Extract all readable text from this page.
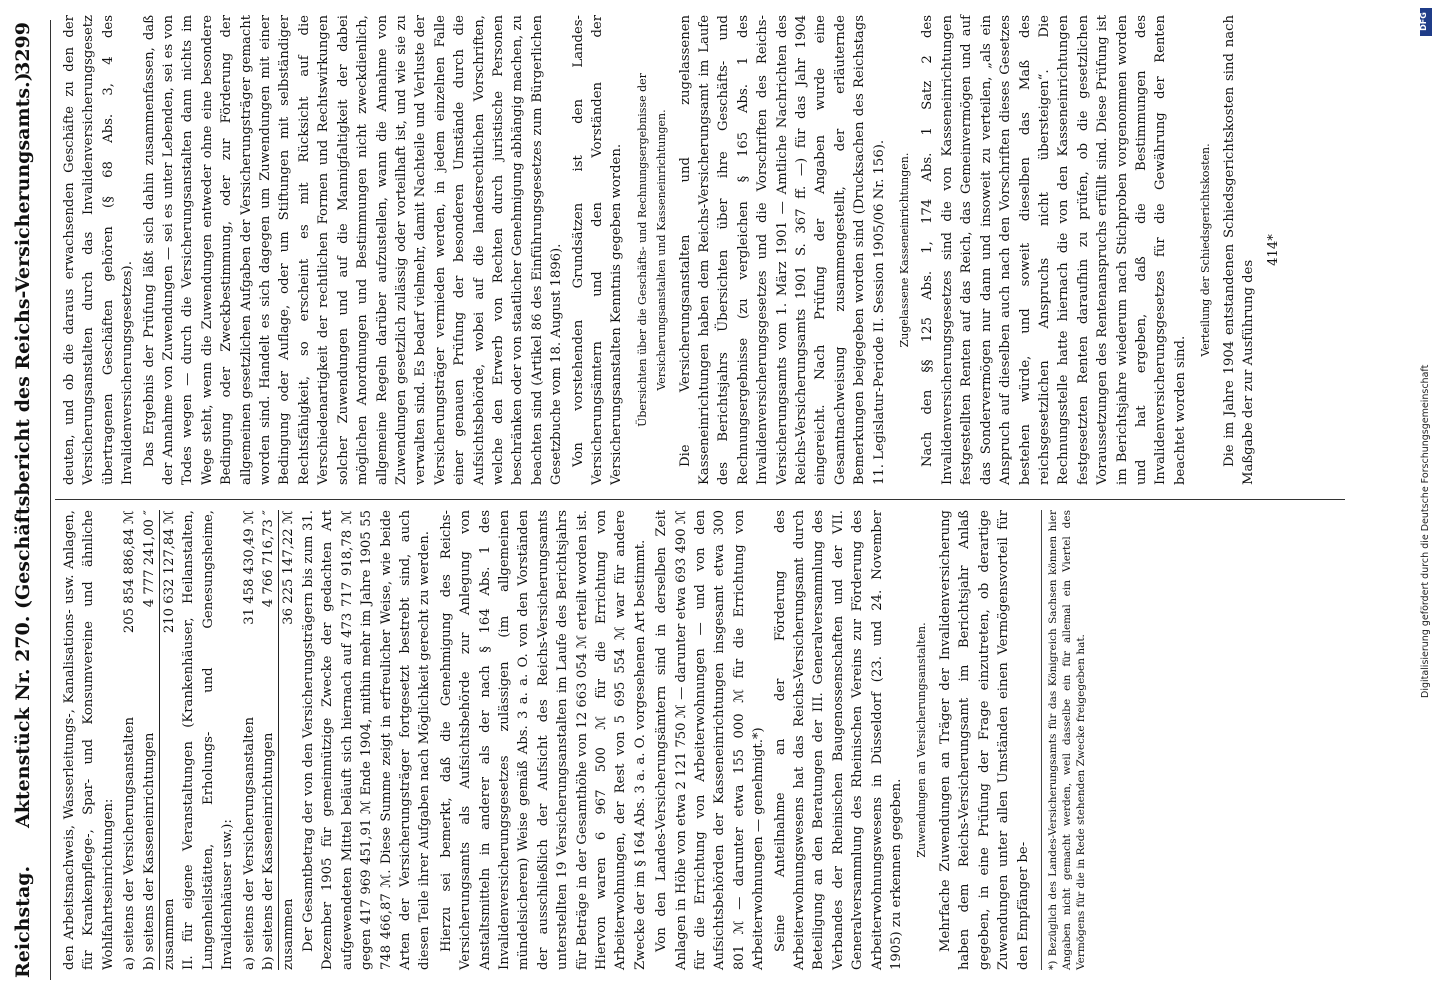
Reichstag.
Aktenstück Nr. 270. (Geschäftsbericht des Reichs-Versicherungsamts.)
3299

den Arbeitsnachweis, Wasserleitungs-, Kanalisations- usw. Anlagen, für Krankenpflege-, Spar- und Konsumvereine und ähnliche Wohlfahrtseinrichtungen: a) seitens der Versicherungsanstalten
205 854 886,84 ℳ
b) seitens der Kasseneinrichtungen
4 777 241,00 ″
zusammen
210 632 127,84 ℳ II. für eigene Veranstaltungen (Krankenhäuser, Heilanstalten, Lungenheilstätten, Erholungs- und Genesungsheime, Invalidenhäuser usw.): a) seitens der Versicherungsanstalten
31 458 430,49 ℳ
b) seitens der Kasseneinrichtungen
4 766 716,73 ″
zusammen
36 225 147,22 ℳ Der Gesamtbetrag der von den Versicherungsträgern bis zum 31. Dezember 1905 für gemeinnützige Zwecke der gedachten Art aufgewendeten Mittel beläuft sich hiernach auf 473 717 918,78 ℳ gegen 417 969 451,91 ℳ Ende 1904, mithin mehr im Jahre 1905 55 748 466,87 ℳ. Diese Summe zeigt in erfreulicher Weise, wie beide Arten der Versicherungsträger fortgesetzt bestrebt sind, auch diesen Teile ihrer Aufgaben nach Möglichkeit gerecht zu werden. Hierzu sei bemerkt, daß die Genehmigung des Reichs-Versicherungsamts als Aufsichtsbehörde zur Anlegung von Anstaltsmitteln in anderer als der nach § 164 Abs. 1 des Invalidenversicherungsgesetzes zulässigen (im allgemeinen mündelsicheren) Weise gemäß Abs. 3 a. a. O. von den Vorständen der ausschließlich der Aufsicht des Reichs-Versicherungsamts unterstellten 19 Versicherungsanstalten im Laufe des Berichtsjahrs für Beträge in der Gesamthöhe von 12 663 054 ℳ erteilt worden ist. Hiervon waren 6 967 500 ℳ für die Errichtung von Arbeiterwohnungen, der Rest von 5 695 554 ℳ war für andere Zwecke der im § 164 Abs. 3 a. a. O. vorgesehenen Art bestimmt. Von den Landes-Versicherungsämtern sind in derselben Zeit Anlagen in Höhe von etwa 2 121 750 ℳ — darunter etwa 693 490 ℳ für die Errichtung von Arbeiterwohnungen — und von den Aufsichtsbehörden der Kasseneinrichtungen insgesamt etwa 300 801 ℳ — darunter etwa 155 000 ℳ für die Errichtung von Arbeiterwohnungen — genehmigt.*) Seine Anteilnahme an der Förderung des Arbeiterwohnungswesens hat das Reichs-Versicherungsamt durch Beteiligung an den Beratungen der III. Generalversammlung des Verbandes der Rheinischen Baugenossenschaften und der VII. Generalversammlung des Rheinischen Vereins zur Förderung des Arbeiterwohnungswesens in Düsseldorf (23. und 24. November 1905) zu erkennen gegeben.

Zuwendungen an Versicherungsanstalten. Mehrfache Zuwendungen an Träger der Invalidenversicherung haben dem Reichs-Versicherungsamt im Berichtsjahr Anlaß gegeben, in eine Prüfung der Frage einzutreten, ob derartige Zuwendungen unter allen Umständen einen Vermögensvorteil für den Empfänger be-	*) Bezüglich des Landes-Versicherungsamts für das Königreich Sachsen können hier Angaben nicht gemacht werden, weil dasselbe ein für allemal ein Viertel des Vermögens für die in Rede stehenden Zwecke freigegeben hat.

deuten, und ob die daraus erwachsenden Geschäfte zu den der Versicherungsanstalten durch das Invalidenversicherungsgesetz übertragenen Geschäften gehören (§ 68 Abs. 3, 4 des Invalidenversicherungsgesetzes). Das Ergebnis der Prüfung läßt sich dahin zusammenfassen, daß der Annahme von Zuwendungen — sei es unter Lebenden, sei es von Todes wegen — durch die Versicherungsanstalten dann nichts im Wege steht, wenn die Zuwendungen entweder ohne eine besondere Bedingung oder Zweckbestimmung, oder zur Förderung der allgemeinen gesetzlichen Aufgaben der Versicherungsträger gemacht worden sind. Handelt es sich dagegen um Zuwendungen mit einer Bedingung oder Auflage, oder um Stiftungen mit selbständiger Rechtsfähigkeit, so erscheint es mit Rücksicht auf die Verschiedenartigkeit der rechtlichen Formen und Rechtswirkungen solcher Zuwendungen und auf die Mannigfaltigkeit der dabei möglichen Anordnungen und Bestimmungen nicht zweckdienlich, allgemeine Regeln darüber aufzustellen, wann die Annahme von Zuwendungen gesetzlich zulässig oder vorteilhaft ist, und wie sie zu verwalten sind. Es bedarf vielmehr, damit Nachteile und Verluste der Versicherungsträger vermieden werden, in jedem einzelnen Falle einer genauen Prüfung der besonderen Umstände durch die Aufsichtsbehörde, wobei auf die landesrechtlichen Vorschriften, welche den Erwerb von Rechten durch juristische Personen beschränken oder von staatlicher Genehmigung abhängig machen, zu beachten sind (Artikel 86 des Einführungsgesetzes zum Bürgerlichen Gesetzbuche vom 18. August 1896). Von vorstehenden Grundsätzen ist den Landes-Versicherungsämtern und den Vorständen der Versicherungsanstalten Kenntnis gegeben worden. Übersichten über die Geschäfts- und Rechnungsergebnisse der Versicherungsanstalten und Kasseneinrichtungen. Die Versicherungsanstalten und zugelassenen Kasseneinrichtungen haben dem Reichs-Versicherungsamt im Laufe des Berichtsjahrs Übersichten über ihre Geschäfts- und Rechnungsergebnisse (zu vergleichen § 165 Abs. 1 des Invalidenversicherungsgesetzes und die Vorschriften des Reichs-Versicherungsamts vom 1. März 1901 — Amtliche Nachrichten des Reichs-Versicherungsamts 1901 S. 367 ff. —) für das Jahr 1904 eingereicht. Nach Prüfung der Angaben wurde eine Gesamtnachweisung zusammengestellt, der erläuternde Bemerkungen beigegeben worden sind (Drucksachen des Reichstags 11. Legislatur-Periode II. Session 1905/06 Nr. 156). Zugelassene Kasseneinrichtungen. Nach den §§ 125 Abs. 1, 174 Abs. 1 Satz 2 des Invalidenversicherungsgesetzes sind die von Kasseneinrichtungen festgestellten Renten auf das Reich, das Gemeinvermögen und auf das Sondervermögen nur dann und insoweit zu verteilen, „als ein Anspruch auf dieselben auch nach den Vorschriften dieses Gesetzes bestehen würde, und soweit dieselben das Maß des reichsgesetzlichen Anspruchs nicht übersteigen“. Die Rechnungsstelle hatte hiernach die von den Kasseneinrichtungen festgesetzten Renten daraufhin zu prüfen, ob die gesetzlichen Voraussetzungen des Rentenanspruchs erfüllt sind. Diese Prüfung ist im Berichtsjahre wiederum nach Stichproben vorgenommen worden und hat ergeben, daß die Bestimmungen des Invalidenversicherungsgesetzes für die Gewährung der Renten beachtet worden sind.

Verteilung der Schiedsgerichtskosten. Die im Jahre 1904 entstandenen Schiedsgerichtskosten sind nach Maßgabe der zur Ausführung des

414*

Digitalisierung gefördert durch die Deutsche Forschungsgemeinschaft
DFG
